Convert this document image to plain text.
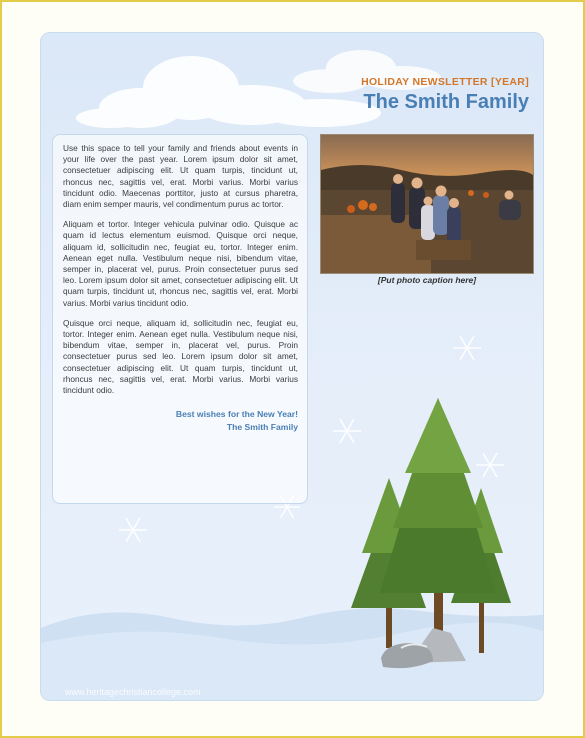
HOLIDAY NEWSLETTER [YEAR]
The Smith Family

Use this space to tell your family and friends about events in your life over the past year. Lorem ipsum dolor sit amet, consectetuer adipiscing elit. Ut quam turpis, tincidunt ut, rhoncus nec, sagittis vel, erat. Morbi varius. Morbi varius tincidunt odio. Maecenas porttitor, justo at cursus pharetra, diam enim semper mauris, vel condimentum purus ac tortor.

Aliquam et tortor. Integer vehicula pulvinar odio. Quisque ac quam id lectus elementum euismod. Quisque orci neque, aliquam id, sollicitudin nec, feugiat eu, tortor. Integer enim. Aenean eget nulla. Vestibulum neque nisi, bibendum vitae, semper in, placerat vel, purus. Proin consectetuer purus sed leo. Lorem ipsum dolor sit amet, consectetuer adipiscing elit. Ut quam turpis, tincidunt ut, rhoncus nec, sagittis vel, erat. Morbi varius. Morbi varius tincidunt odio.

Quisque orci neque, aliquam id, sollicitudin nec, feugiat eu, tortor. Integer enim. Aenean eget nulla. Vestibulum neque nisi, bibendum vitae, semper in, placerat vel, purus. Proin consectetuer purus sed leo. Lorem ipsum dolor sit amet, consectetuer adipiscing elit. Ut quam turpis, tincidunt ut, rhoncus nec, sagittis vel, erat. Morbi varius. Morbi varius tincidunt odio.

Best wishes for the New Year!
The Smith Family
[Put photo caption here]
www.heritagechristiancollege.com
